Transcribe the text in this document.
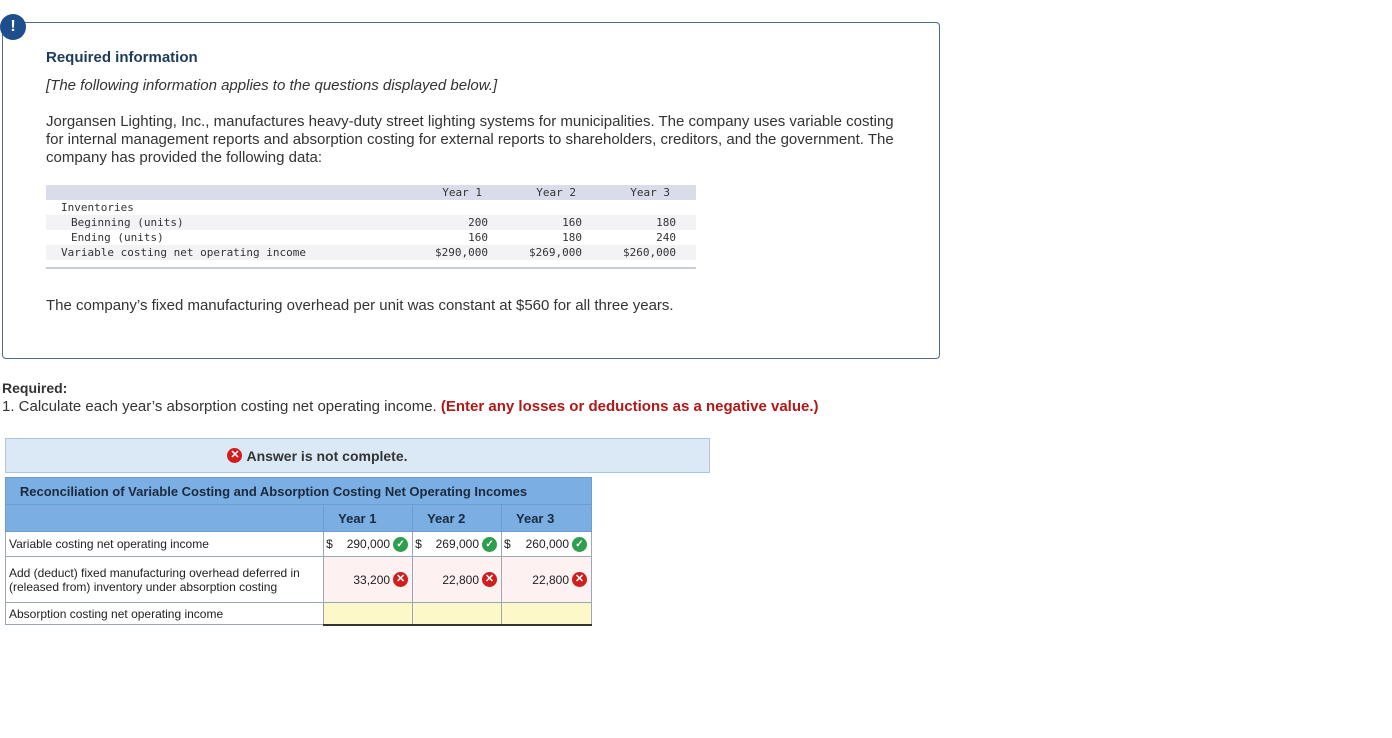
!
Required information
[The following information applies to the questions displayed below.]
Jorgansen Lighting, Inc., manufactures heavy-duty street lighting systems for municipalities. The company uses variable costing for internal management reports and absorption costing for external reports to shareholders, creditors, and the government. The company has provided the following data:
Year 1	Year 2	Year 3
Inventories
Beginning (units)	200	160	180
Ending (units)	160	180	240
Variable costing net operating income	$290,000	$269,000	$260,000
The company’s fixed manufacturing overhead per unit was constant at $560 for all three years.
Required:
1. Calculate each year’s absorption costing net operating income. (Enter any losses or deductions as a negative value.)
✕ Answer is not complete.
Reconciliation of Variable Costing and Absorption Costing Net Operating Incomes			
	Year 1	Year 2	Year 3
Variable costing net operating income	$ 290,000 ✓	$ 269,000 ✓	$ 260,000 ✓

Add (deduct) fixed manufacturing overhead deferred in (released from) inventory under absorption costing	33,200 ✕	22,800 ✕	22,800 ✕

Absorption costing net operating income			
